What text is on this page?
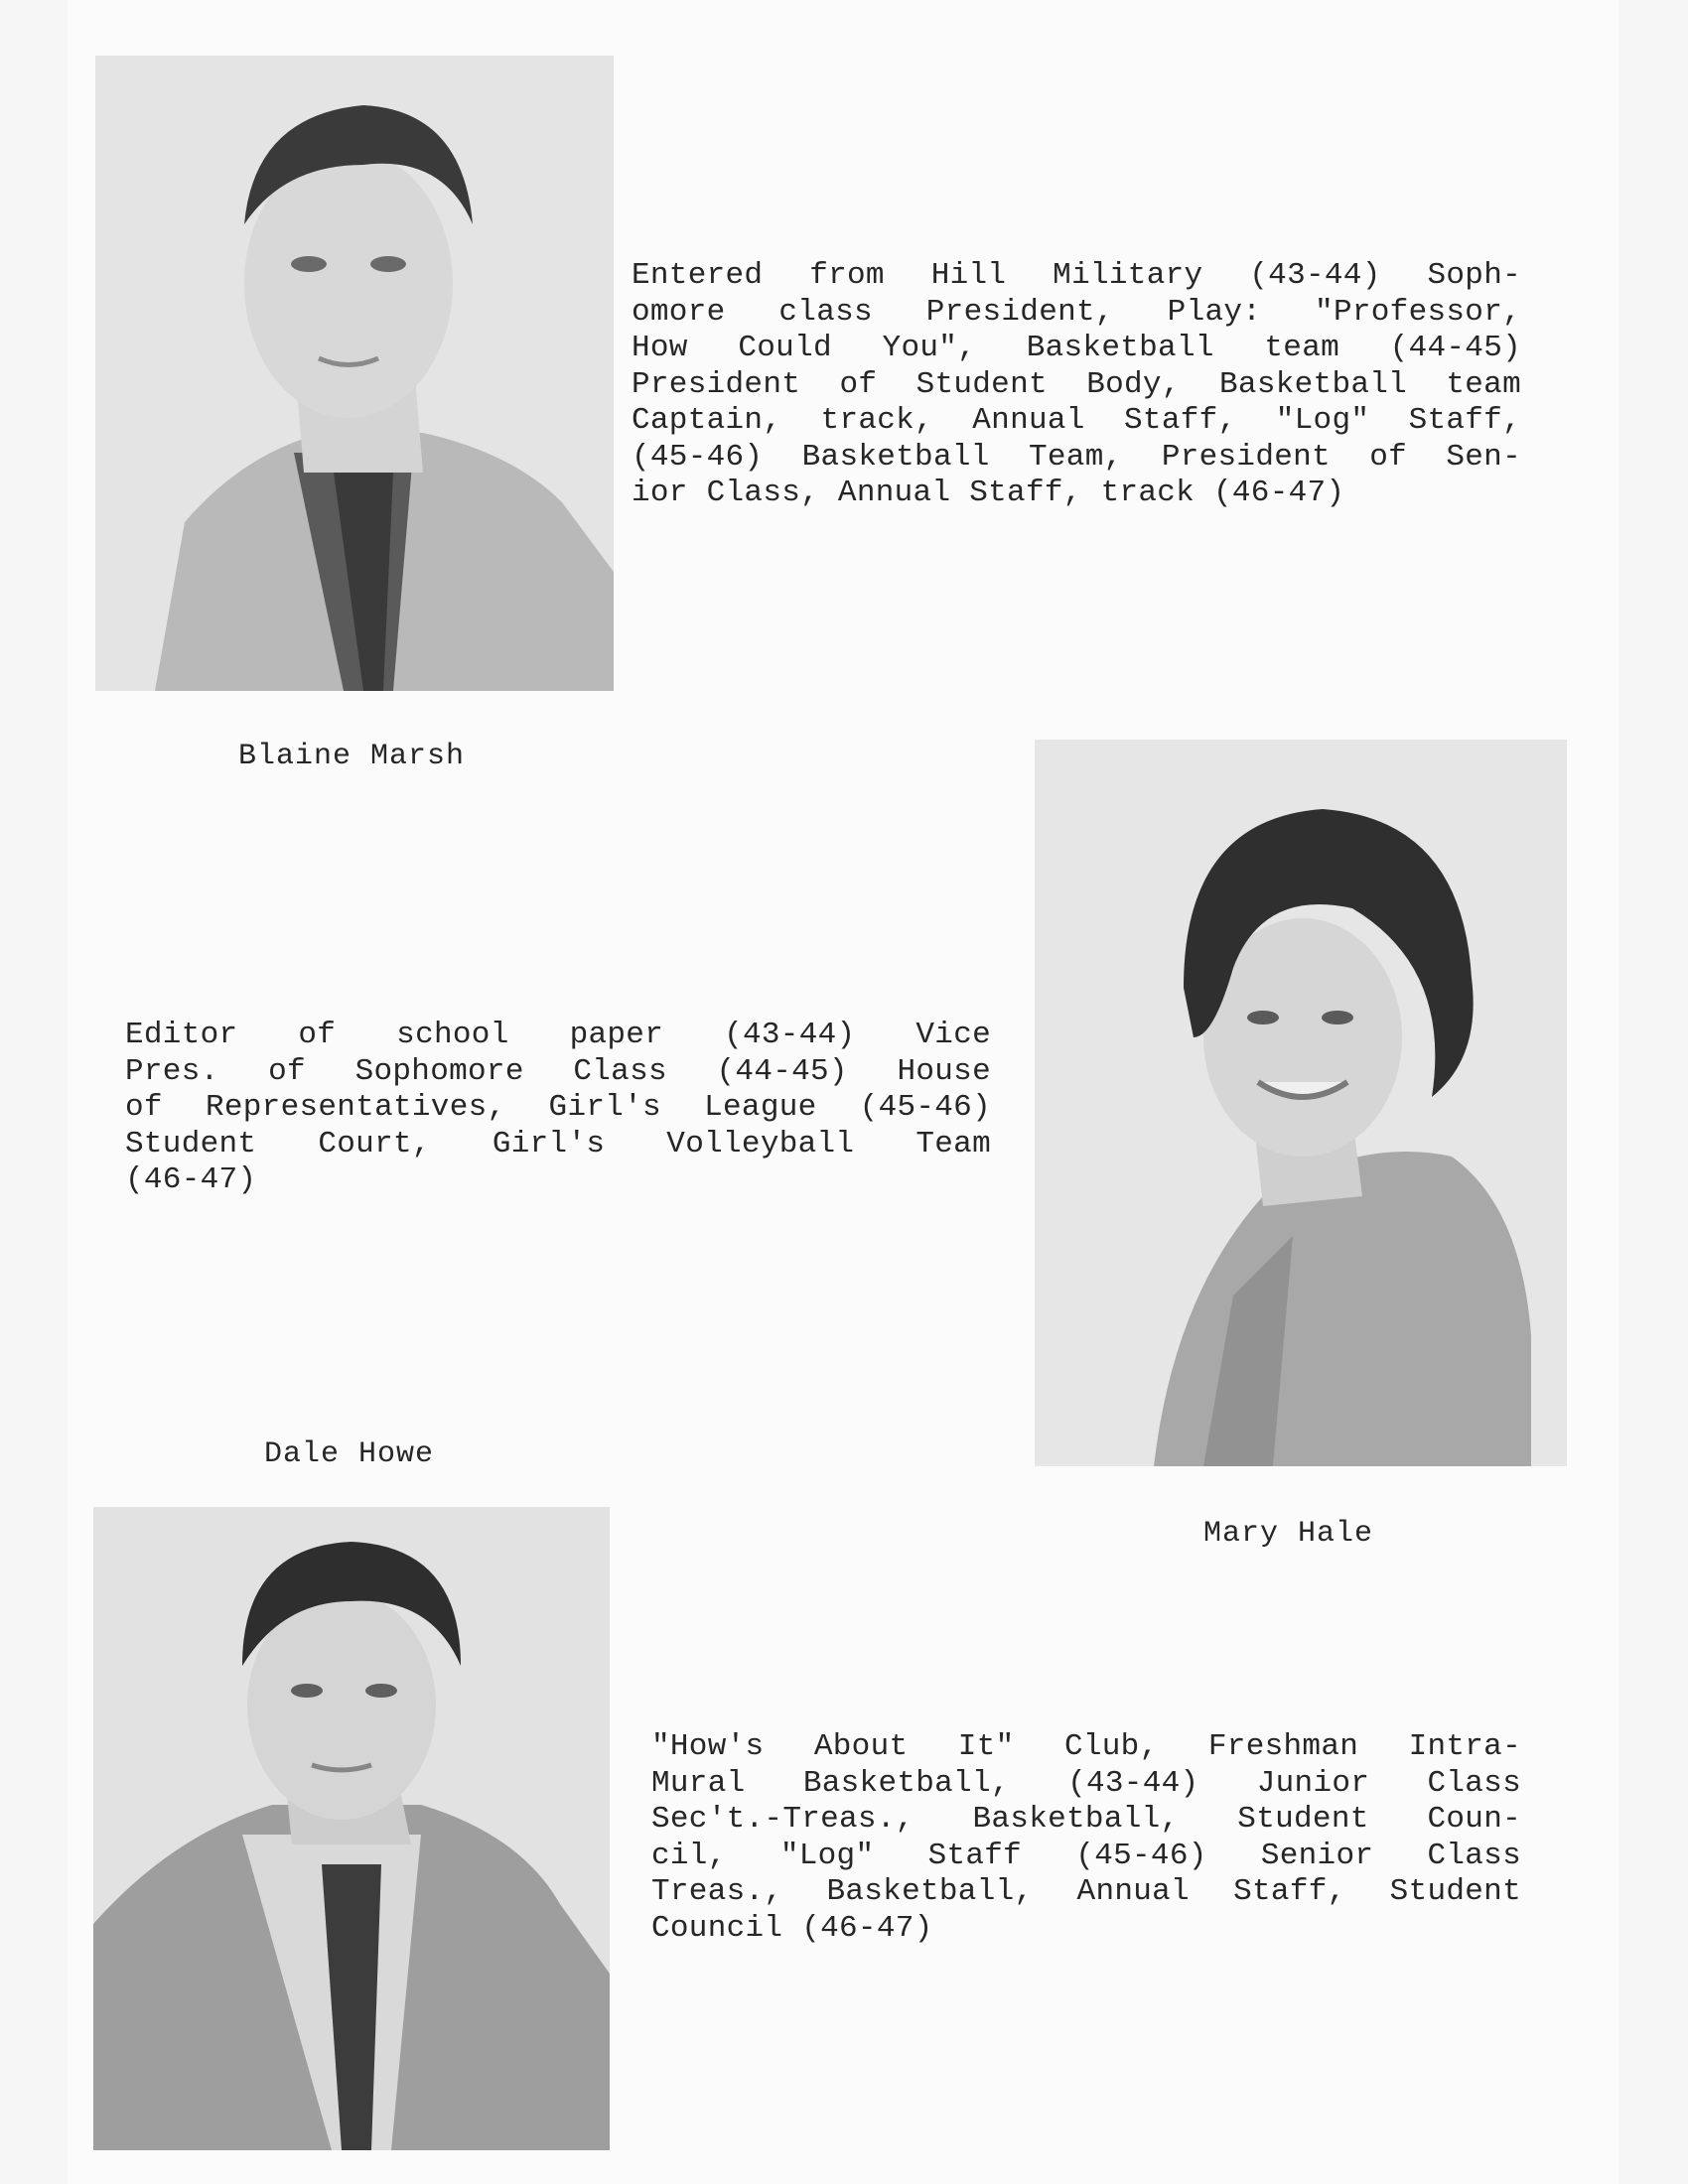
Entered from Hill Military (43-44) Soph-
omore class President, Play: "Professor,
How Could You", Basketball team (44-45)
President of Student Body, Basketball team
Captain, track, Annual Staff, "Log" Staff,
(45-46) Basketball Team, President of Sen-
ior Class, Annual Staff, track (46-47)
Blaine Marsh
Editor of school paper (43-44) Vice
Pres. of Sophomore Class (44-45) House
of Representatives, Girl's League (45-46)
Student Court, Girl's Volleyball Team
(46-47)
Mary Hale
Dale Howe
"How's About It" Club, Freshman Intra-
Mural Basketball, (43-44) Junior Class
Sec't.-Treas., Basketball, Student Coun-
cil, "Log" Staff (45-46) Senior Class
Treas., Basketball, Annual Staff, Student
Council (46-47)
